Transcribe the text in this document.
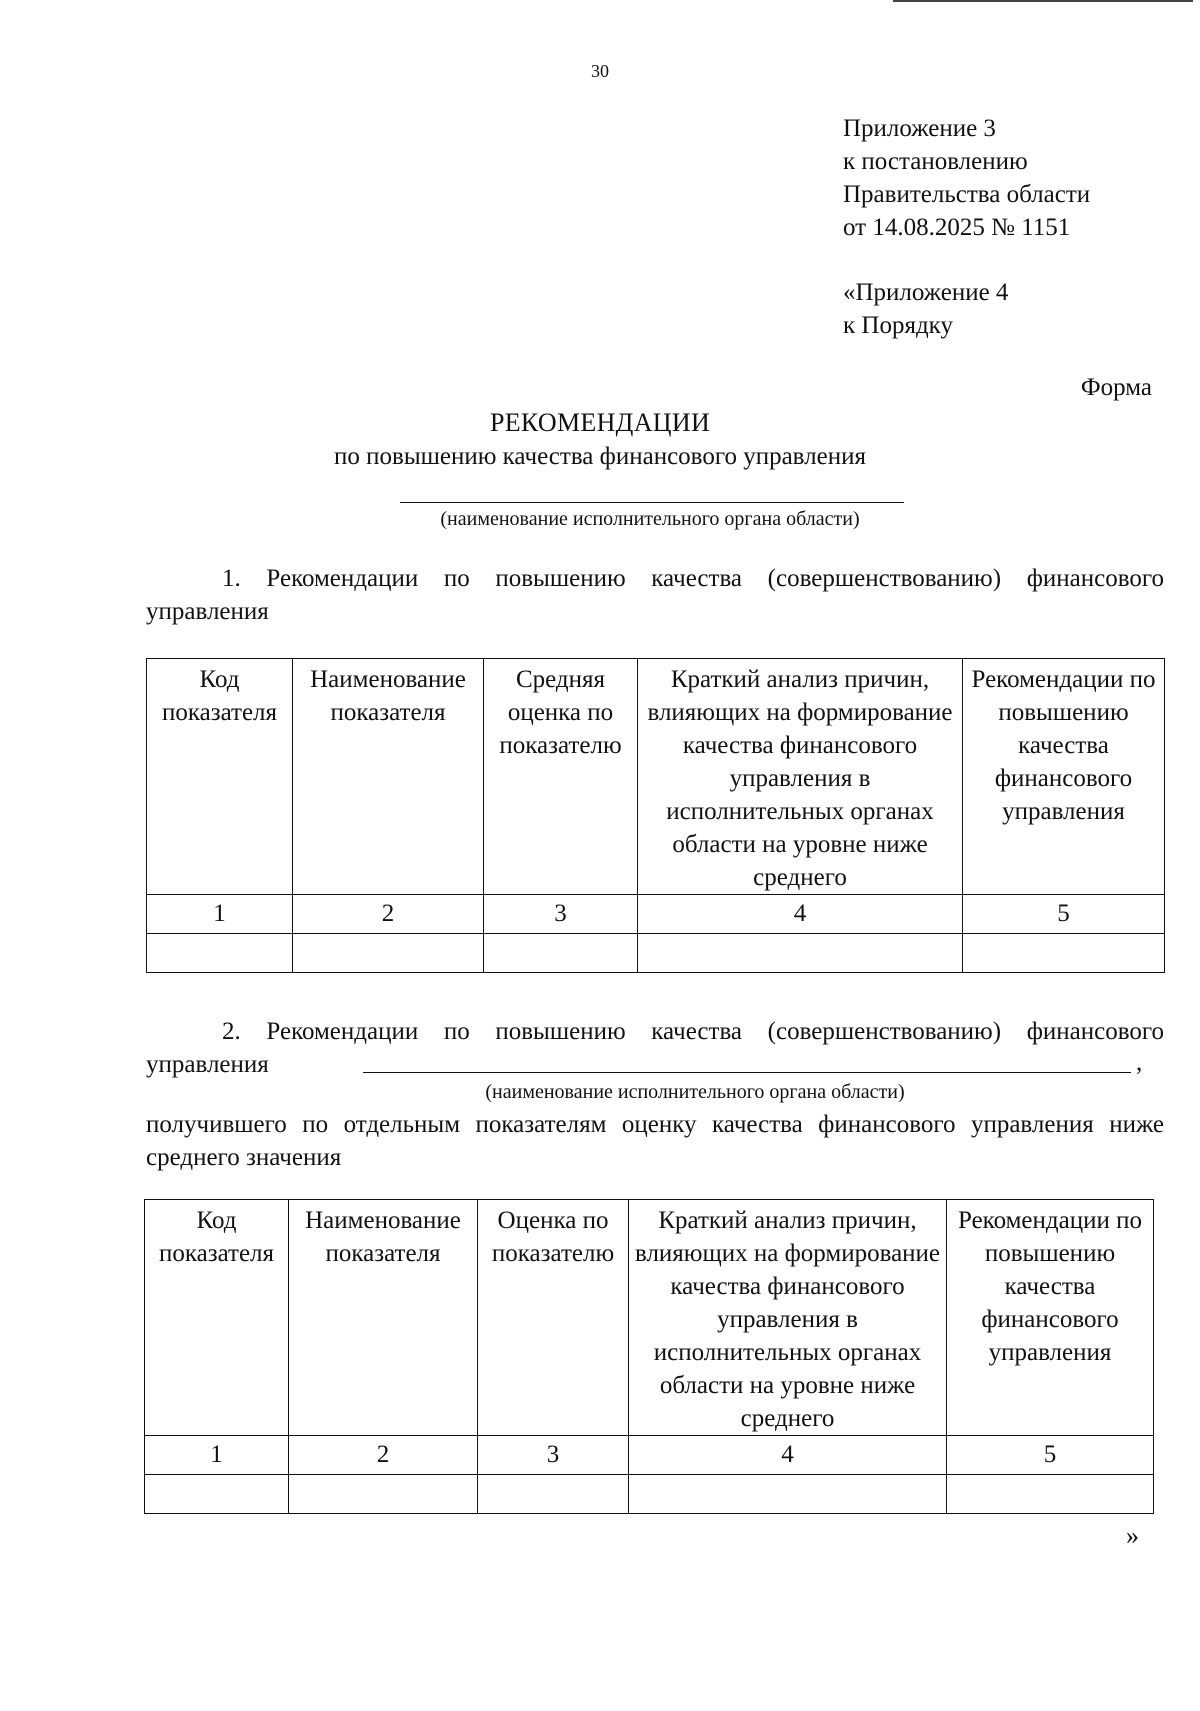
30
Приложение 3
к постановлению
Правительства области
от 14.08.2025 № 1151
«Приложение 4
к Порядку
Форма
РЕКОМЕНДАЦИИ
по повышению качества финансового управления
(наименование исполнительного органа области)
1. Рекомендации по повышению качества (совершенствованию) финансового управления
Код показателя	Наименование показателя	Средняя оценка по показателю	Краткий анализ причин, влияющих на формирование качества финансового управления в исполнительных органах области на уровне ниже среднего	Рекомендации по повышению качества финансового управления
1	2	3	4	5

2. Рекомендации по повышению качества (совершенствованию) финансового управления	,
(наименование исполнительного органа области)
получившего по отдельным показателям оценку качества финансового управления ниже среднего значения
Код показателя	Наименование показателя	Оценка по показателю	Краткий анализ причин, влияющих на формирование качества финансового управления в исполнительных органах области на уровне ниже среднего	Рекомендации по повышению качества финансового управления
1	2	3	4	5

»
